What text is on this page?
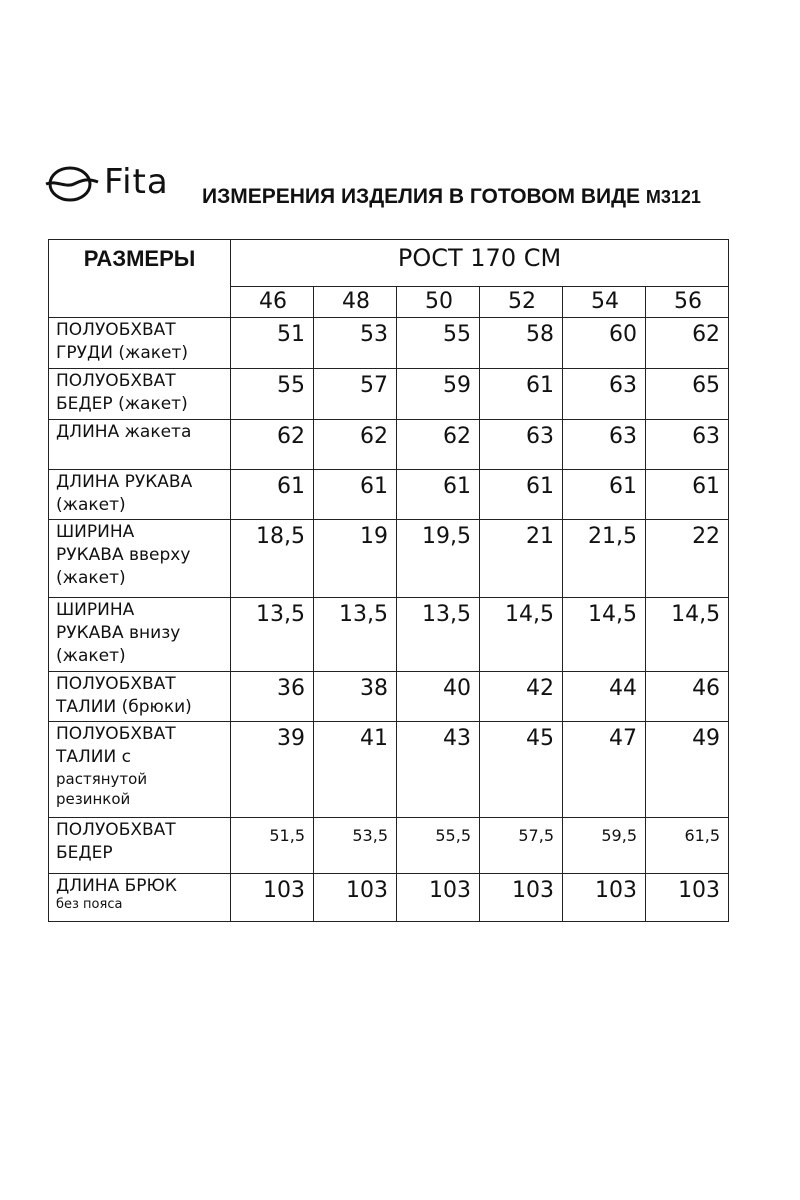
Fita ИЗМЕРЕНИЯ ИЗДЕЛИЯ В ГОТОВОМ ВИДЕ М3121
РАЗМЕРЫ	РОСТ 170 СМ					
	46	48	50	52	54	56

ПОЛУОБХВАТ
ГРУДИ (жакет)	51	53	55	58	60	62

ПОЛУОБХВАТ
БЕДЕР (жакет)	55	57	59	61	63	65

ДЛИНА жакета	62	62	62	63	63	63

ДЛИНА РУКАВА
(жакет)	61	61	61	61	61	61

ШИРИНА
РУКАВА вверху
(жакет)	18,5	19	19,5	21	21,5	22

ШИРИНА
РУКАВА внизу
(жакет)	13,5	13,5	13,5	14,5	14,5	14,5

ПОЛУОБХВАТ
ТАЛИИ (брюки)	36	38	40	42	44	46

ПОЛУОБХВАТ
ТАЛИИ с
растянутой
резинкой	39	41	43	45	47	49

ПОЛУОБХВАТ
БЕДЕР	51,5	53,5	55,5	57,5	59,5	61,5

ДЛИНА БРЮК
без пояса	103	103	103	103	103	103
